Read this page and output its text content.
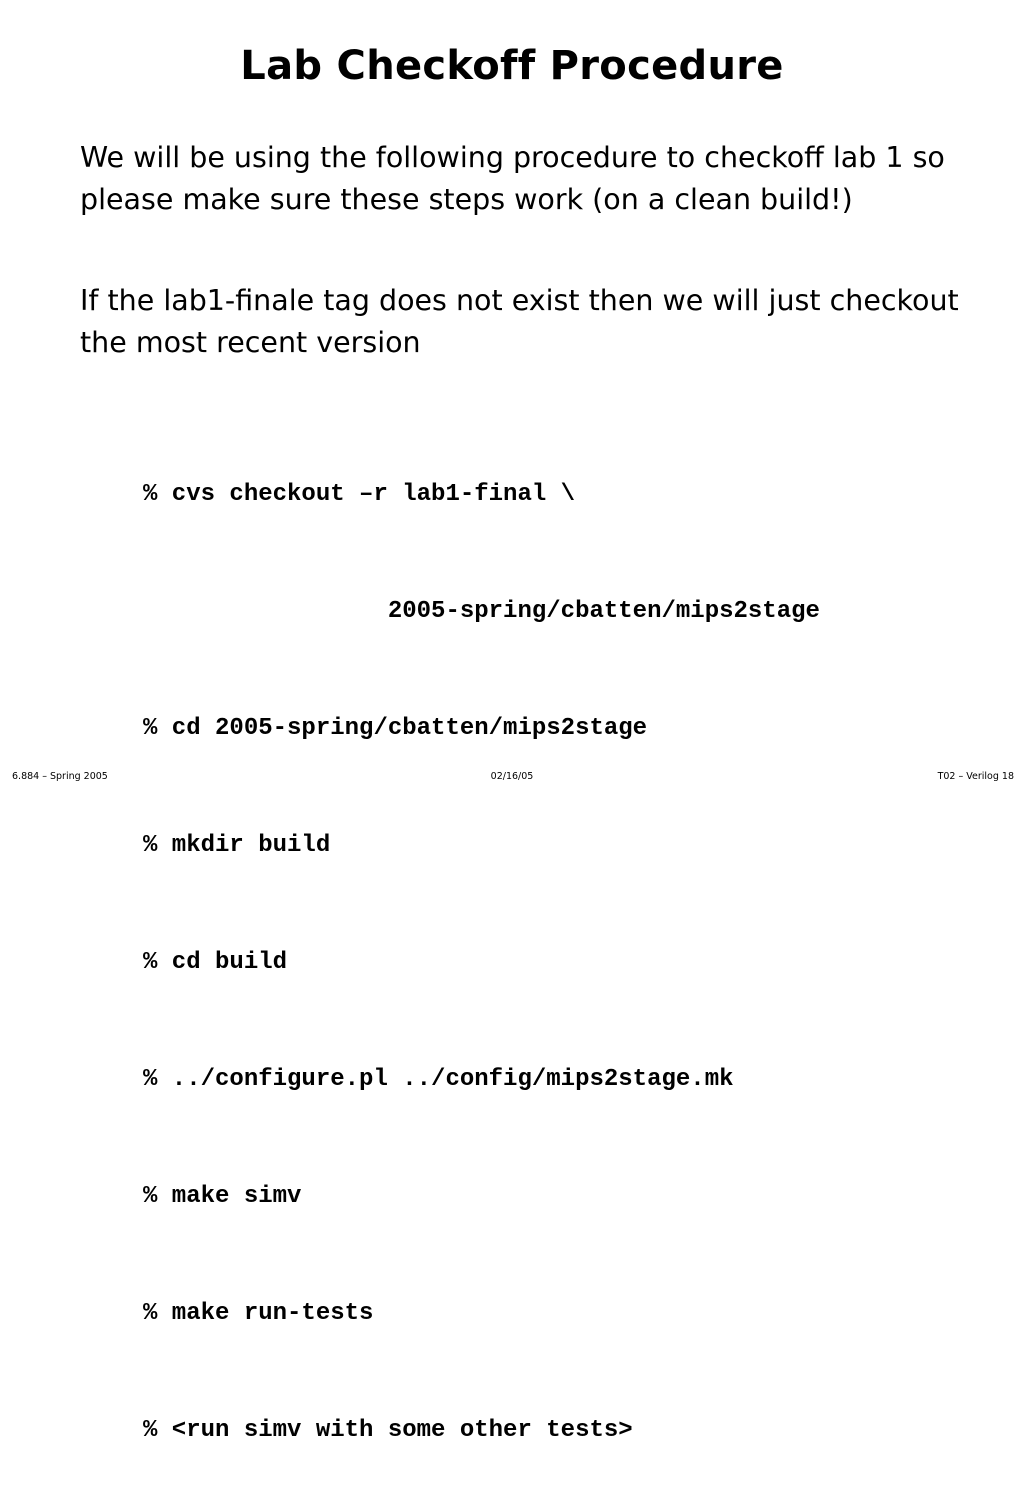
Lab Checkoff Procedure

We will be using the following procedure to checkoff lab 1 so please make sure these steps work (on a clean build!)

If the lab1-finale tag does not exist then we will just checkout the most recent version

% cvs checkout –r lab1-final \

2005-spring/cbatten/mips2stage

% cd 2005-spring/cbatten/mips2stage

% mkdir build

% cd build

% ../configure.pl ../config/mips2stage.mk

% make simv

% make run-tests

% <run simv with some other tests>

02/16/05
6.884 – Spring 2005	T02 – Verilog 18
